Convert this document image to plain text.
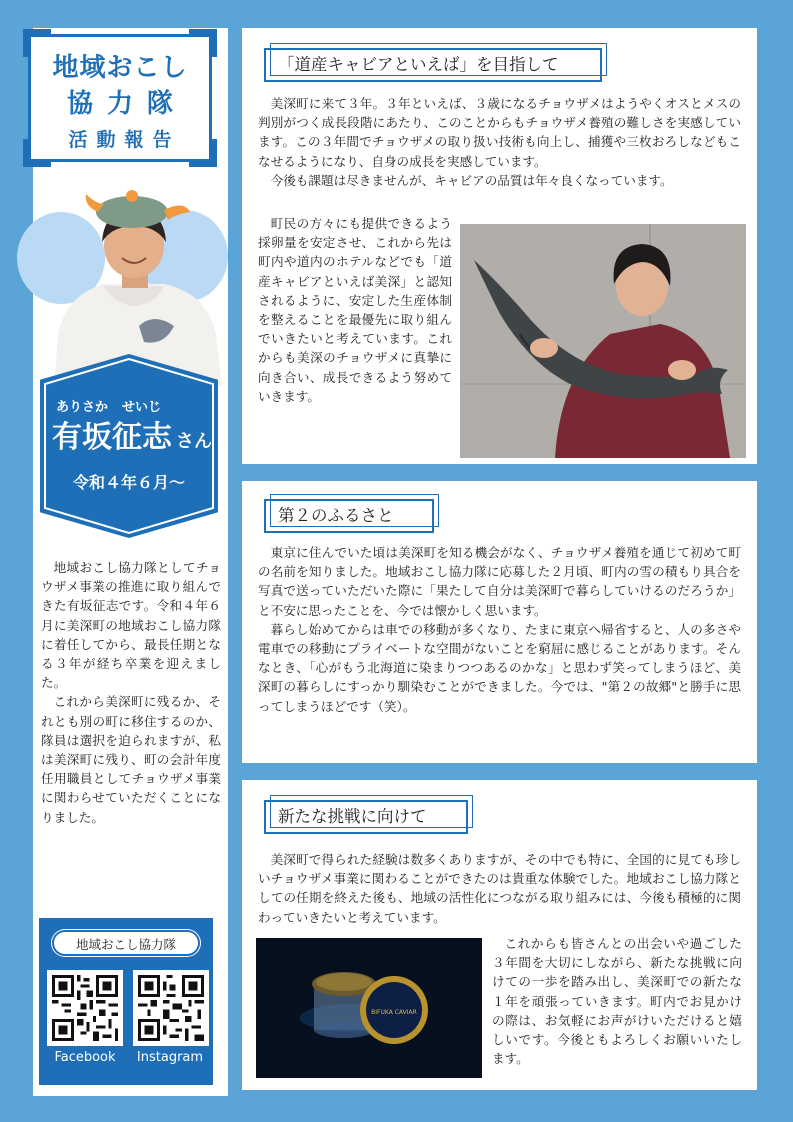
地域おこし
協力隊
活動報告
ありさか せいじ
有坂征志 さん
令和４年６月〜

地域おこし協力隊としてチョウザメ事業の推進に取り組んできた有坂征志です。令和４年６月に美深町の地域おこし協力隊に着任してから、最長任期となる３年が経ち卒業を迎えました。

これから美深町に残るか、それとも別の町に移住するのか、隊員は選択を迫られますが、私は美深町に残り、町の会計年度任用職員としてチョウザメ事業に関わらせていただくことになりました。

地域おこし協力隊
Facebook	Instagram
「道産キャビアといえば」を目指して

美深町に来て３年。３年といえば、３歳になるチョウザメはようやくオスとメスの判別がつく成長段階にあたり、このことからもチョウザメ養殖の難しさを実感しています。この３年間でチョウザメの取り扱い技術も向上し、捕獲や三枚おろしなどもこなせるようになり、自身の成長を実感しています。

今後も課題は尽きませんが、キャビアの品質は年々良くなっています。

町民の方々にも提供できるよう採卵量を安定させ、これから先は町内や道内のホテルなどでも「道産キャビアといえば美深」と認知されるように、安定した生産体制を整えることを最優先に取り組んでいきたいと考えています。これからも美深のチョウザメに真摯に向き合い、成長できるよう努めていきます。

第２のふるさと

東京に住んでいた頃は美深町を知る機会がなく、チョウザメ養殖を通じて初めて町の名前を知りました。地域おこし協力隊に応募した２月頃、町内の雪の積もり具合を写真で送っていただいた際に「果たして自分は美深町で暮らしていけるのだろうか」と不安に思ったことを、今では懐かしく思います。

暮らし始めてからは車での移動が多くなり、たまに東京へ帰省すると、人の多さや電車での移動にプライベートな空間がないことを窮屈に感じることがあります。そんなとき、「心がもう北海道に染まりつつあるのかな」と思わず笑ってしまうほど、美深町の暮らしにすっかり馴染むことができました。今では、"第２の故郷"と勝手に思ってしまうほどです（笑）。

新たな挑戦に向けて

美深町で得られた経験は数多くありますが、その中でも特に、全国的に見ても珍しいチョウザメ事業に関わることができたのは貴重な体験でした。地域おこし協力隊としての任期を終えた後も、地域の活性化につながる取り組みには、今後も積極的に関わっていきたいと考えています。

BIFUKA CAVIAR

これからも皆さんとの出会いや過ごした３年間を大切にしながら、新たな挑戦に向けての一歩を踏み出し、美深町での新たな１年を頑張っていきます。町内でお見かけの際は、お気軽にお声がけいただけると嬉しいです。今後ともよろしくお願いいたします。
